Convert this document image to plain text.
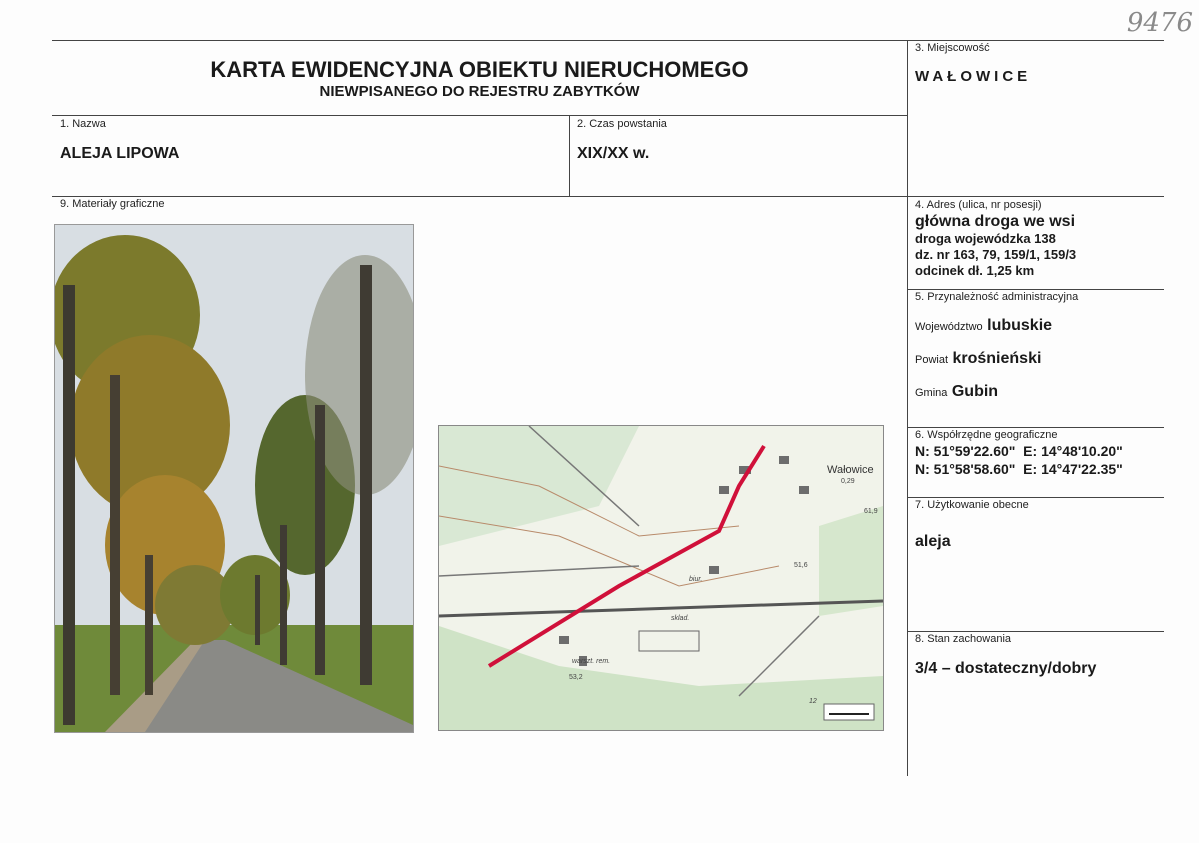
9476
KARTA EWIDENCYJNA OBIEKTU NIERUCHOMEGO
NIEWPISANEGO DO REJESTRU ZABYTKÓW
3. Miejscowość
WAŁOWICE
1. Nazwa
ALEJA LIPOWA
2. Czas powstania
XIX/XX w.
9. Materiały graficzne
Wałowice
sklad.
biur.
warszt. rem.
0,29
51,6
53,2
61,9
12
4. Adres (ulica, nr posesji)
główna droga we wsi
droga wojewódzka 138
dz. nr 163, 79, 159/1, 159/3
odcinek dł. 1,25 km
5. Przynależność administracyjna
Województwo lubuskie
Powiat krośnieński
Gmina Gubin
6. Współrzędne geograficzne
N: 51°59'22.60"  E: 14°48'10.20"
N: 51°58'58.60"  E: 14°47'22.35"
7. Użytkowanie obecne
aleja
8. Stan zachowania
3/4 – dostateczny/dobry
